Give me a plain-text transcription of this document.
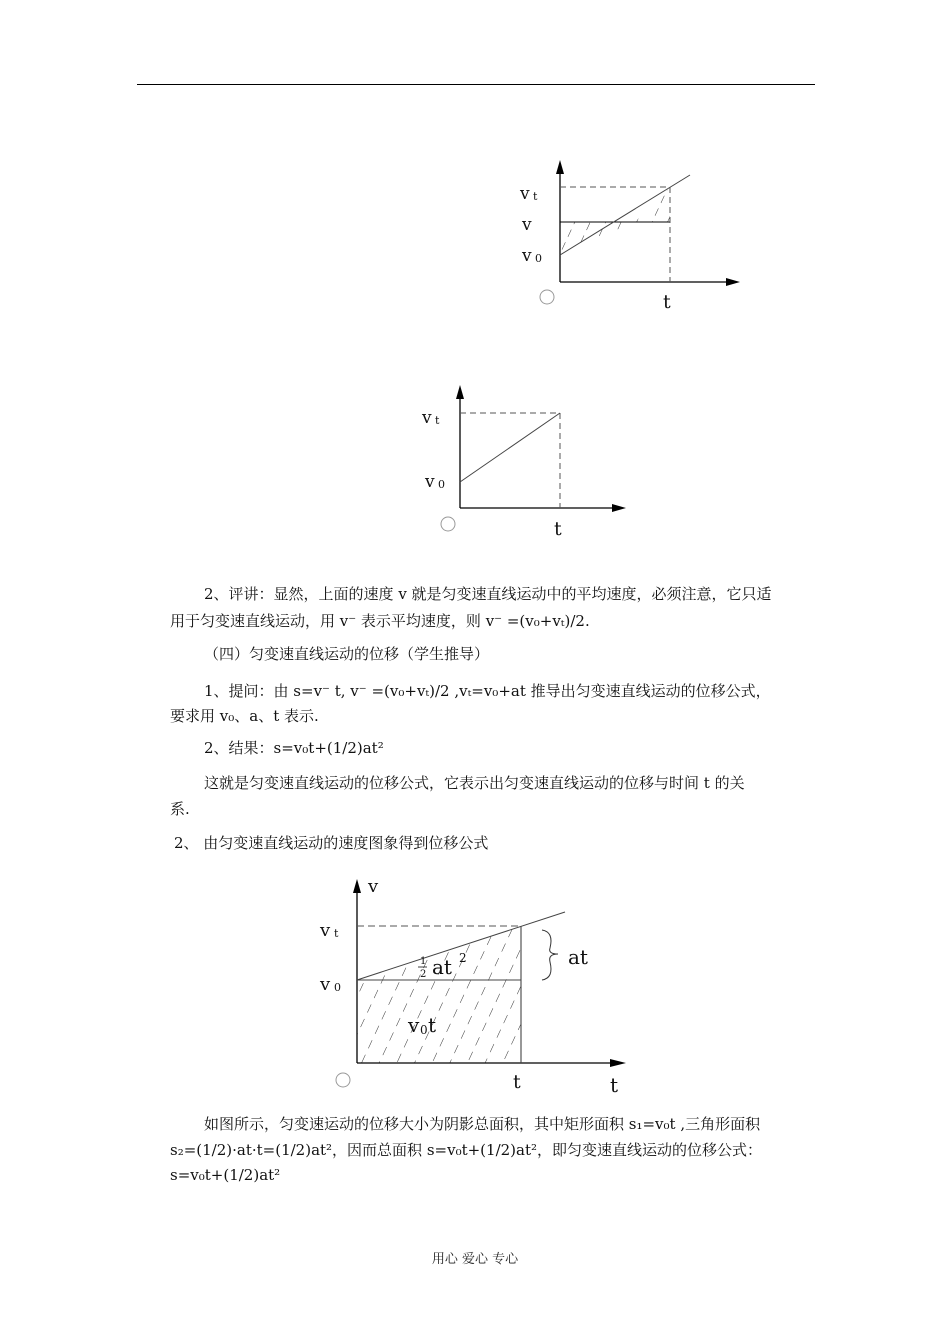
v t
v
v 0
t
v t
v 0
t
2、评讲：显然，上面的速度 v 就是匀变速直线运动中的平均速度，必须注意，它只适
用于匀变速直线运动，用 v⁻ 表示平均速度，则 v⁻ =(v₀+vₜ)/2.
（四）匀变速直线运动的位移（学生推导）
1、提问：由 s=v⁻ t, v⁻ =(v₀+vₜ)/2 ,vₜ=v₀+at 推导出匀变速直线运动的位移公式，
要求用 v₀、a、t 表示.
2、结果：s=v₀t+(1/2)at²
这就是匀变速直线运动的位移公式，它表示出匀变速直线运动的位移与时间 t 的关
系.
2、 由匀变速直线运动的速度图象得到位移公式
v
v t
v 0
1
2 at 2
v 0 t
at
t	t
如图所示，匀变速运动的位移大小为阴影总面积，其中矩形面积 s₁=v₀t ,三角形面积
s₂=(1/2)·at·t=(1/2)at²，因而总面积 s=v₀t+(1/2)at²，即匀变速直线运动的位移公式：
s=v₀t+(1/2)at²
用心 爱心 专心
